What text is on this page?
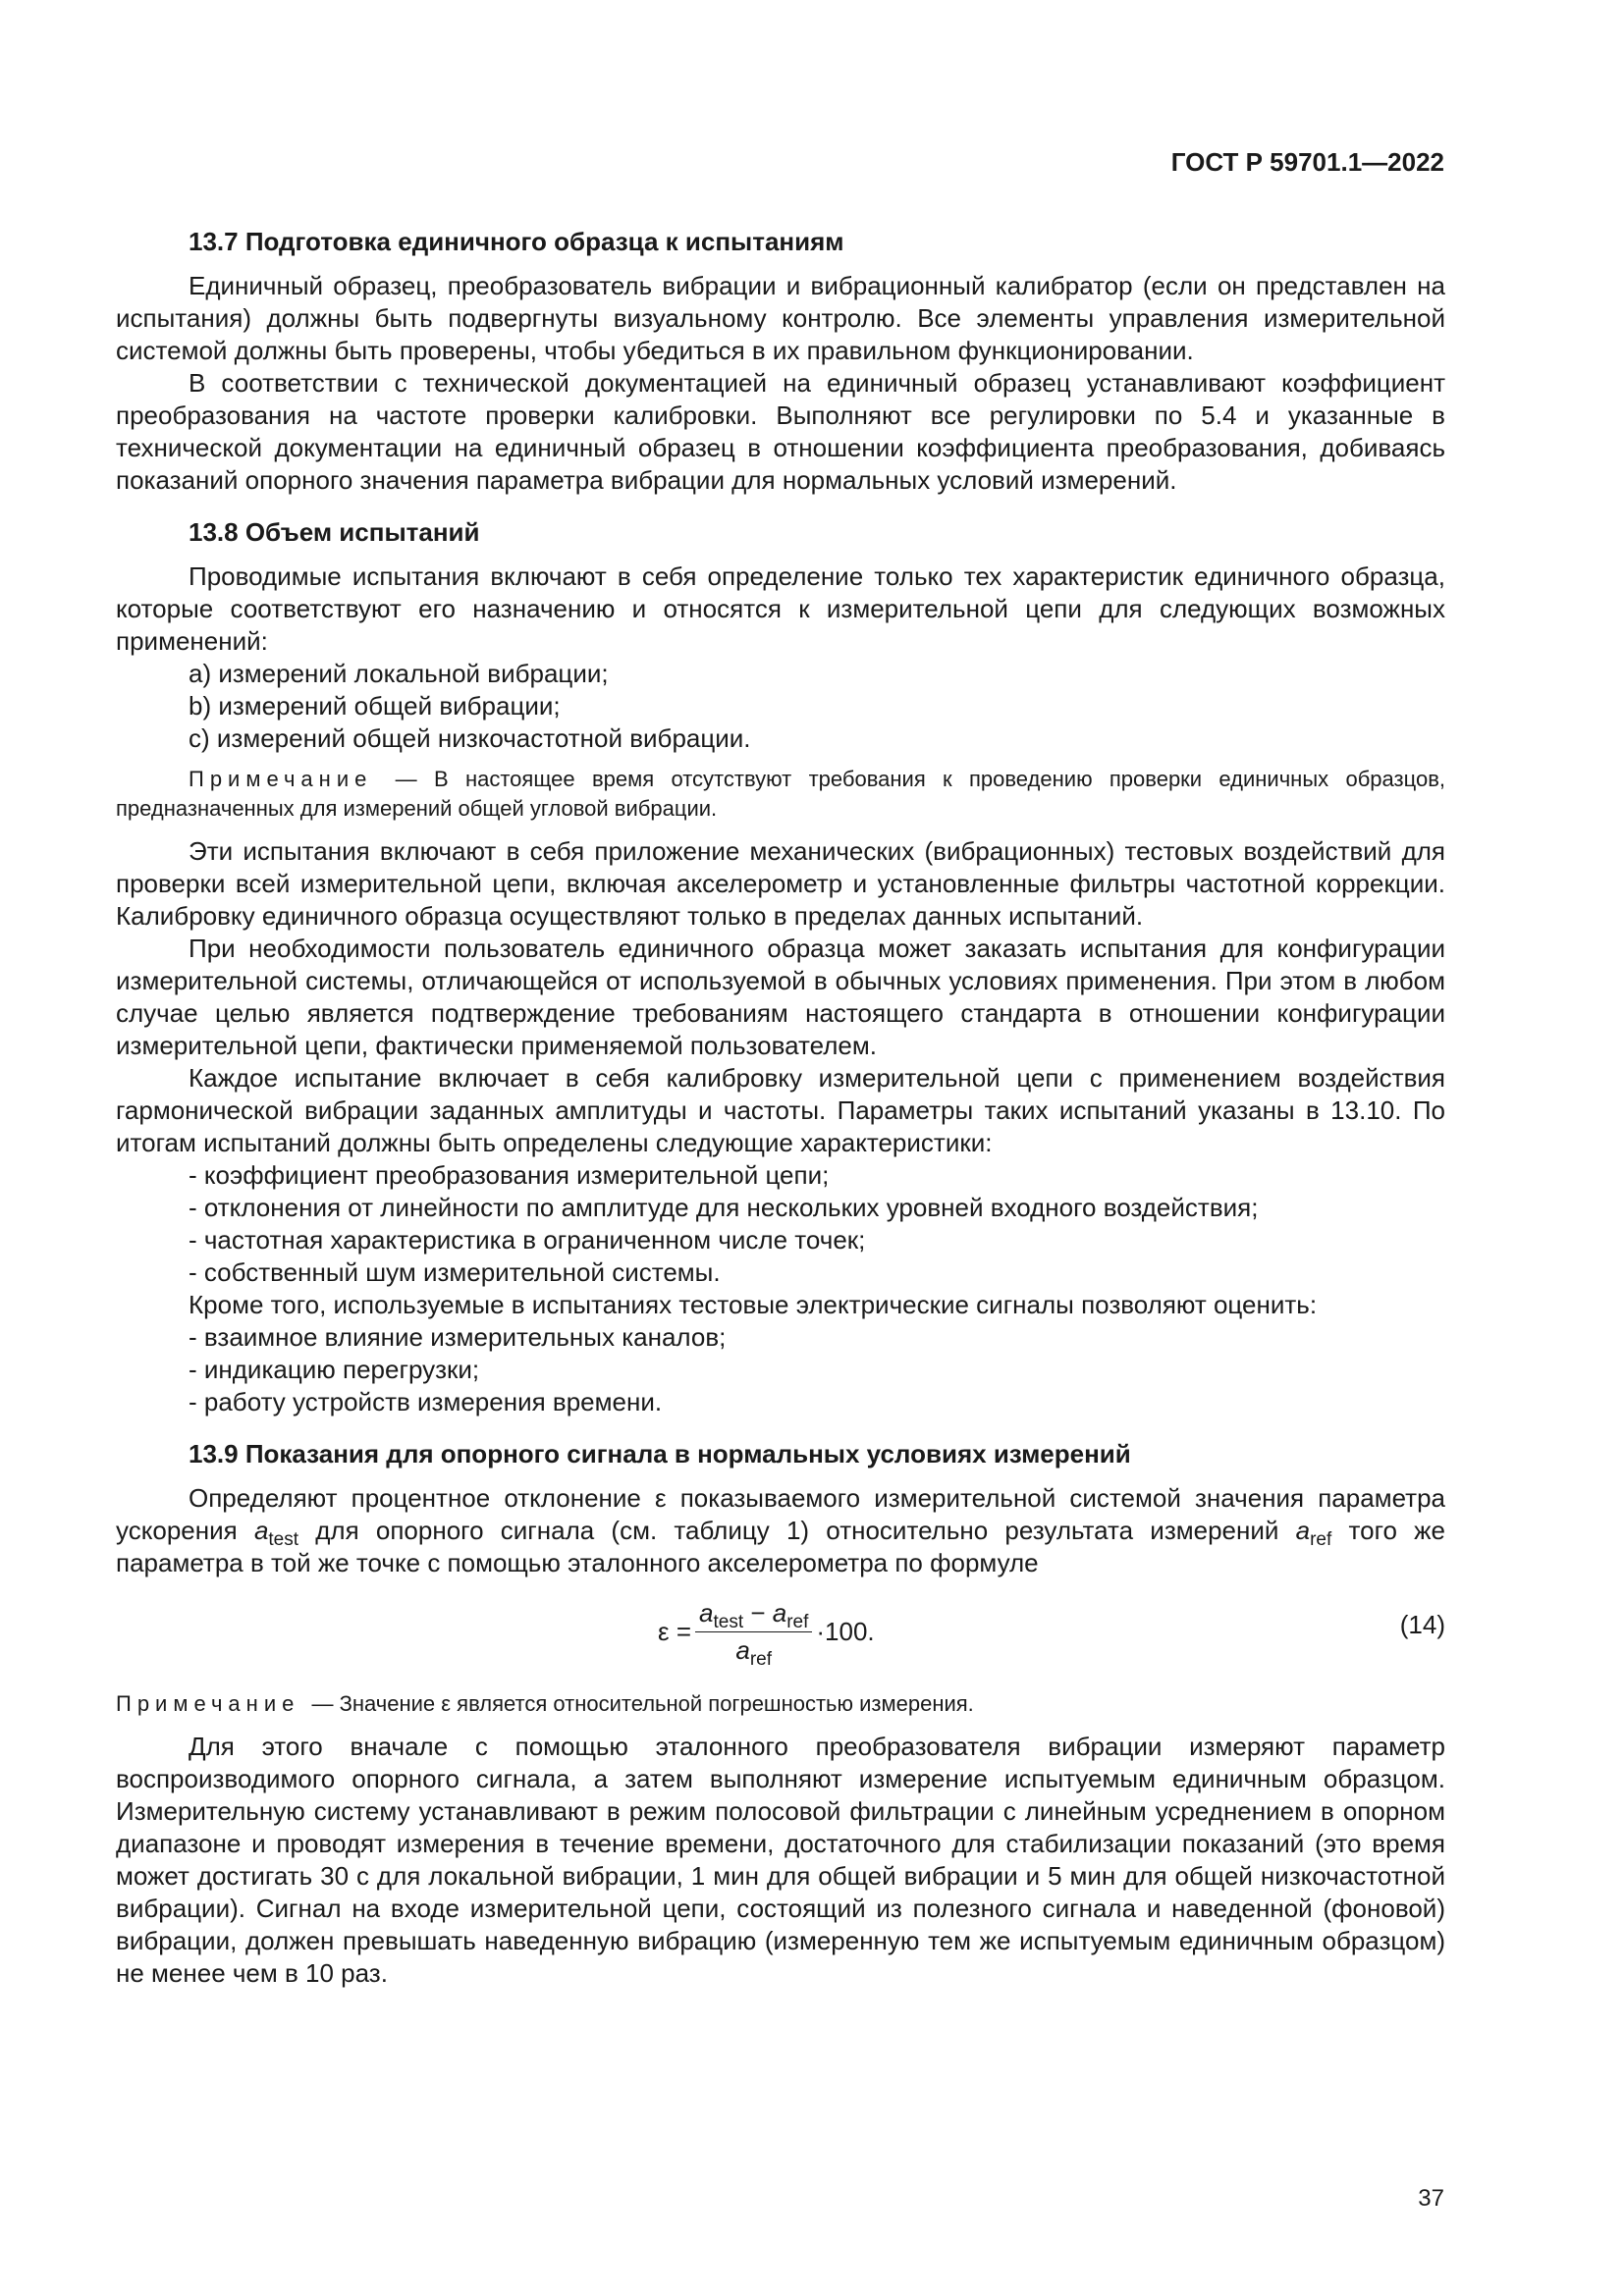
ГОСТ Р 59701.1—2022

13.7 Подготовка единичного образца к испытаниям

Единичный образец, преобразователь вибрации и вибрационный калибратор (если он представлен на испытания) должны быть подвергнуты визуальному контролю. Все элементы управления измерительной системой должны быть проверены, чтобы убедиться в их правильном функционировании.

В соответствии с технической документацией на единичный образец устанавливают коэффициент преобразования на частоте проверки калибровки. Выполняют все регулировки по 5.4 и указанные в технической документации на единичный образец в отношении коэффициента преобразования, добиваясь показаний опорного значения параметра вибрации для нормальных условий измерений.

13.8 Объем испытаний

Проводимые испытания включают в себя определение только тех характеристик единичного образца, которые соответствуют его назначению и относятся к измерительной цепи для следующих возможных применений:

a) измерений локальной вибрации;

b) измерений общей вибрации;

c) измерений общей низкочастотной вибрации.

Примечание — В настоящее время отсутствуют требования к проведению проверки единичных образцов, предназначенных для измерений общей угловой вибрации.

Эти испытания включают в себя приложение механических (вибрационных) тестовых воздействий для проверки всей измерительной цепи, включая акселерометр и установленные фильтры частотной коррекции. Калибровку единичного образца осуществляют только в пределах данных испытаний.

При необходимости пользователь единичного образца может заказать испытания для конфигурации измерительной системы, отличающейся от используемой в обычных условиях применения. При этом в любом случае целью является подтверждение требованиям настоящего стандарта в отношении конфигурации измерительной цепи, фактически применяемой пользователем.

Каждое испытание включает в себя калибровку измерительной цепи с применением воздействия гармонической вибрации заданных амплитуды и частоты. Параметры таких испытаний указаны в 13.10. По итогам испытаний должны быть определены следующие характеристики:

- коэффициент преобразования измерительной цепи;

- отклонения от линейности по амплитуде для нескольких уровней входного воздействия;

- частотная характеристика в ограниченном числе точек;

- собственный шум измерительной системы.

Кроме того, используемые в испытаниях тестовые электрические сигналы позволяют оценить:

- взаимное влияние измерительных каналов;

- индикацию перегрузки;

- работу устройств измерения времени.

13.9 Показания для опорного сигнала в нормальных условиях измерений

Определяют процентное отклонение ε показываемого измерительной системой значения параметра ускорения $a_{test}$ для опорного сигнала (см. таблицу 1) относительно результата измерений $a_{ref}$ того же параметра в той же точке с помощью эталонного акселерометра по формуле

$\varepsilon = \frac{a_{test} - a_{ref}}{a_{ref}} \cdot 100$.	(14)

Примечание — Значение ε является относительной погрешностью измерения.

Для этого вначале с помощью эталонного преобразователя вибрации измеряют параметр воспроизводимого опорного сигнала, а затем выполняют измерение испытуемым единичным образцом. Измерительную систему устанавливают в режим полосовой фильтрации с линейным усреднением в опорном диапазоне и проводят измерения в течение времени, достаточного для стабилизации показаний (это время может достигать 30 с для локальной вибрации, 1 мин для общей вибрации и 5 мин для общей низкочастотной вибрации). Сигнал на входе измерительной цепи, состоящий из полезного сигнала и наведенной (фоновой) вибрации, должен превышать наведенную вибрацию (измеренную тем же испытуемым единичным образцом) не менее чем в 10 раз.

37
